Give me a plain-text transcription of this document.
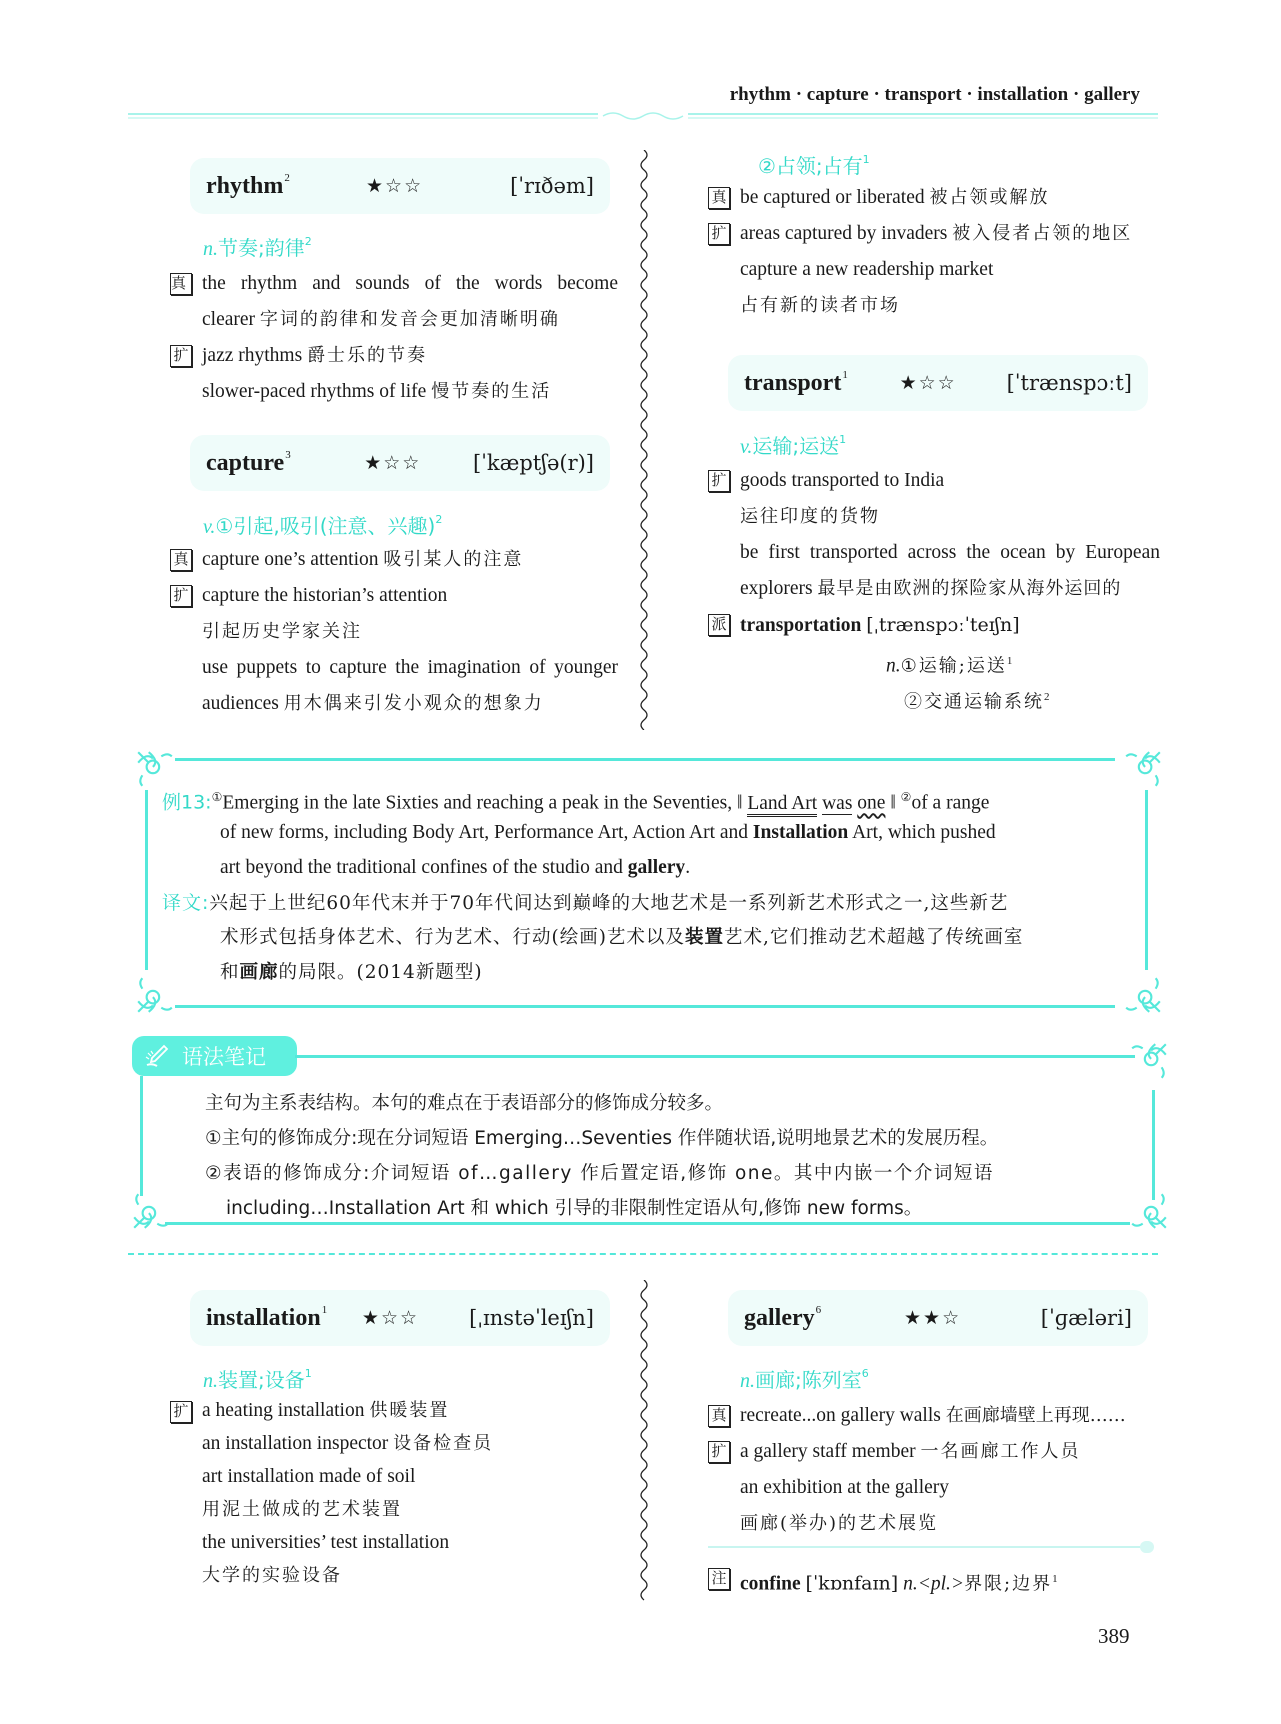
rhythm · capture · transport · installation · gallery
rhythm$^2$	★☆☆	[ˈrɪðəm]
n.节奏;韵律$^2$
真 the rhythm and sounds of the words become
clearer 字词的韵律和发音会更加清晰明确
扩 jazz rhythms 爵士乐的节奏
slower-paced rhythms of life 慢节奏的生活
capture$^3$	★☆☆	[ˈkæptʃə(r)]
v.①引起,吸引(注意、兴趣)$^2$
真 capture one’s attention 吸引某人的注意
扩 capture the historian’s attention
引起历史学家关注
use puppets to capture the imagination of younger
audiences 用木偶来引发小观众的想象力
②占领;占有$^1$
真 be captured or liberated 被占领或解放
扩 areas captured by invaders 被入侵者占领的地区
capture a new readership market
占有新的读者市场
transport$^1$	★☆☆	[ˈtrænspɔːt]
v.运输;运送$^1$
扩 goods transported to India
运往印度的货物
be first transported across the ocean by European
explorers 最早是由欧洲的探险家从海外运回的
派 transportation [ˌtrænspɔːˈteɪʃn]
n.①运输;运送$^1$
②交通运输系统$^2$
例13:①Emerging in the late Sixties and reaching a peak in the Seventies, ‖ Land Art was one ‖ ②of a range
of new forms, including Body Art, Performance Art, Action Art and Installation Art, which pushed
art beyond the traditional confines of the studio and gallery.
译文:兴起于上世纪60年代末并于70年代间达到巅峰的大地艺术是一系列新艺术形式之一,这些新艺
术形式包括身体艺术、行为艺术、行动(绘画)艺术以及装置艺术,它们推动艺术超越了传统画室
和画廊的局限。(2014新题型)
语法笔记
主句为主系表结构。本句的难点在于表语部分的修饰成分较多。
①主句的修饰成分:现在分词短语 Emerging…Seventies 作伴随状语,说明地景艺术的发展历程。
②表语的修饰成分:介词短语 of…gallery 作后置定语,修饰 one。其中内嵌一个介词短语
including…Installation Art 和 which 引导的非限制性定语从句,修饰 new forms。
installation$^1$	★☆☆	[ˌɪnstəˈleɪʃn]
n.装置;设备$^1$
扩 a heating installation 供暖装置
an installation inspector 设备检查员
art installation made of soil
用泥土做成的艺术装置
the universities’ test installation
大学的实验设备
gallery$^6$	★★☆	[ˈɡæləri]
n.画廊;陈列室$^6$
真 recreate...on gallery walls 在画廊墙壁上再现……
扩 a gallery staff member 一名画廊工作人员
an exhibition at the gallery
画廊(举办)的艺术展览
注 confine [ˈkɒnfaɪn] n.<pl.>界限;边界$^1$
389
